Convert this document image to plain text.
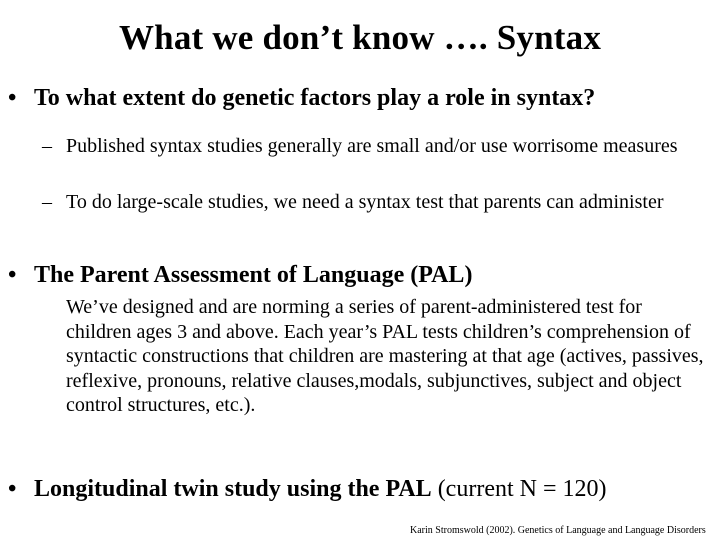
What we don’t know …. Syntax
• To what extent do genetic factors play a role in syntax?
– Published syntax studies generally are small and/or use worrisome measures
– To do large-scale studies, we need a syntax test that parents can administer
• The Parent Assessment of Language (PAL)
We’ve designed and are norming a series of parent-administered test for children ages 3 and above. Each year’s PAL tests children’s comprehension of syntactic constructions that children are mastering at that age (actives, passives, reflexive, pronouns, relative clauses,modals, subjunctives, subject and object control structures, etc.).
• Longitudinal twin study using the PAL (current N = 120)
Karin Stromswold (2002). Genetics of Language and Language Disorders
